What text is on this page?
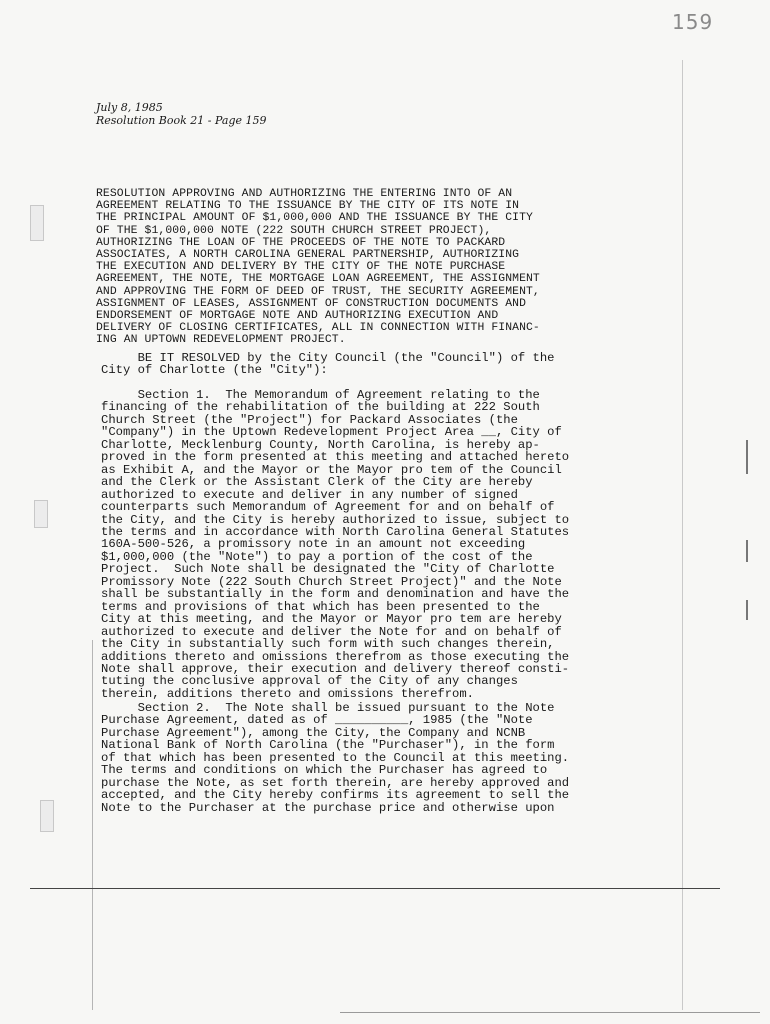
159
July 8, 1985
Resolution Book 21 - Page 159
RESOLUTION APPROVING AND AUTHORIZING THE ENTERING INTO OF AN
AGREEMENT RELATING TO THE ISSUANCE BY THE CITY OF ITS NOTE IN
THE PRINCIPAL AMOUNT OF $1,000,000 AND THE ISSUANCE BY THE CITY
OF THE $1,000,000 NOTE (222 SOUTH CHURCH STREET PROJECT),
AUTHORIZING THE LOAN OF THE PROCEEDS OF THE NOTE TO PACKARD
ASSOCIATES, A NORTH CAROLINA GENERAL PARTNERSHIP, AUTHORIZING
THE EXECUTION AND DELIVERY BY THE CITY OF THE NOTE PURCHASE
AGREEMENT, THE NOTE, THE MORTGAGE LOAN AGREEMENT, THE ASSIGNMENT
AND APPROVING THE FORM OF DEED OF TRUST, THE SECURITY AGREEMENT,
ASSIGNMENT OF LEASES, ASSIGNMENT OF CONSTRUCTION DOCUMENTS AND
ENDORSEMENT OF MORTGAGE NOTE AND AUTHORIZING EXECUTION AND
DELIVERY OF CLOSING CERTIFICATES, ALL IN CONNECTION WITH FINANC-
ING AN UPTOWN REDEVELOPMENT PROJECT.
BE IT RESOLVED by the City Council (the "Council") of the
City of Charlotte (the "City"):
Section 1.  The Memorandum of Agreement relating to the
financing of the rehabilitation of the building at 222 South
Church Street (the "Project") for Packard Associates (the
"Company") in the Uptown Redevelopment Project Area __, City of
Charlotte, Mecklenburg County, North Carolina, is hereby ap-
proved in the form presented at this meeting and attached hereto
as Exhibit A, and the Mayor or the Mayor pro tem of the Council
and the Clerk or the Assistant Clerk of the City are hereby
authorized to execute and deliver in any number of signed
counterparts such Memorandum of Agreement for and on behalf of
the City, and the City is hereby authorized to issue, subject to
the terms and in accordance with North Carolina General Statutes
160A-500-526, a promissory note in an amount not exceeding
$1,000,000 (the "Note") to pay a portion of the cost of the
Project.  Such Note shall be designated the "City of Charlotte
Promissory Note (222 South Church Street Project)" and the Note
shall be substantially in the form and denomination and have the
terms and provisions of that which has been presented to the
City at this meeting, and the Mayor or Mayor pro tem are hereby
authorized to execute and deliver the Note for and on behalf of
the City in substantially such form with such changes therein,
additions thereto and omissions therefrom as those executing the
Note shall approve, their execution and delivery thereof consti-
tuting the conclusive approval of the City of any changes
therein, additions thereto and omissions therefrom.
Section 2.  The Note shall be issued pursuant to the Note
Purchase Agreement, dated as of __________, 1985 (the "Note
Purchase Agreement"), among the City, the Company and NCNB
National Bank of North Carolina (the "Purchaser"), in the form
of that which has been presented to the Council at this meeting.
The terms and conditions on which the Purchaser has agreed to
purchase the Note, as set forth therein, are hereby approved and
accepted, and the City hereby confirms its agreement to sell the
Note to the Purchaser at the purchase price and otherwise upon
